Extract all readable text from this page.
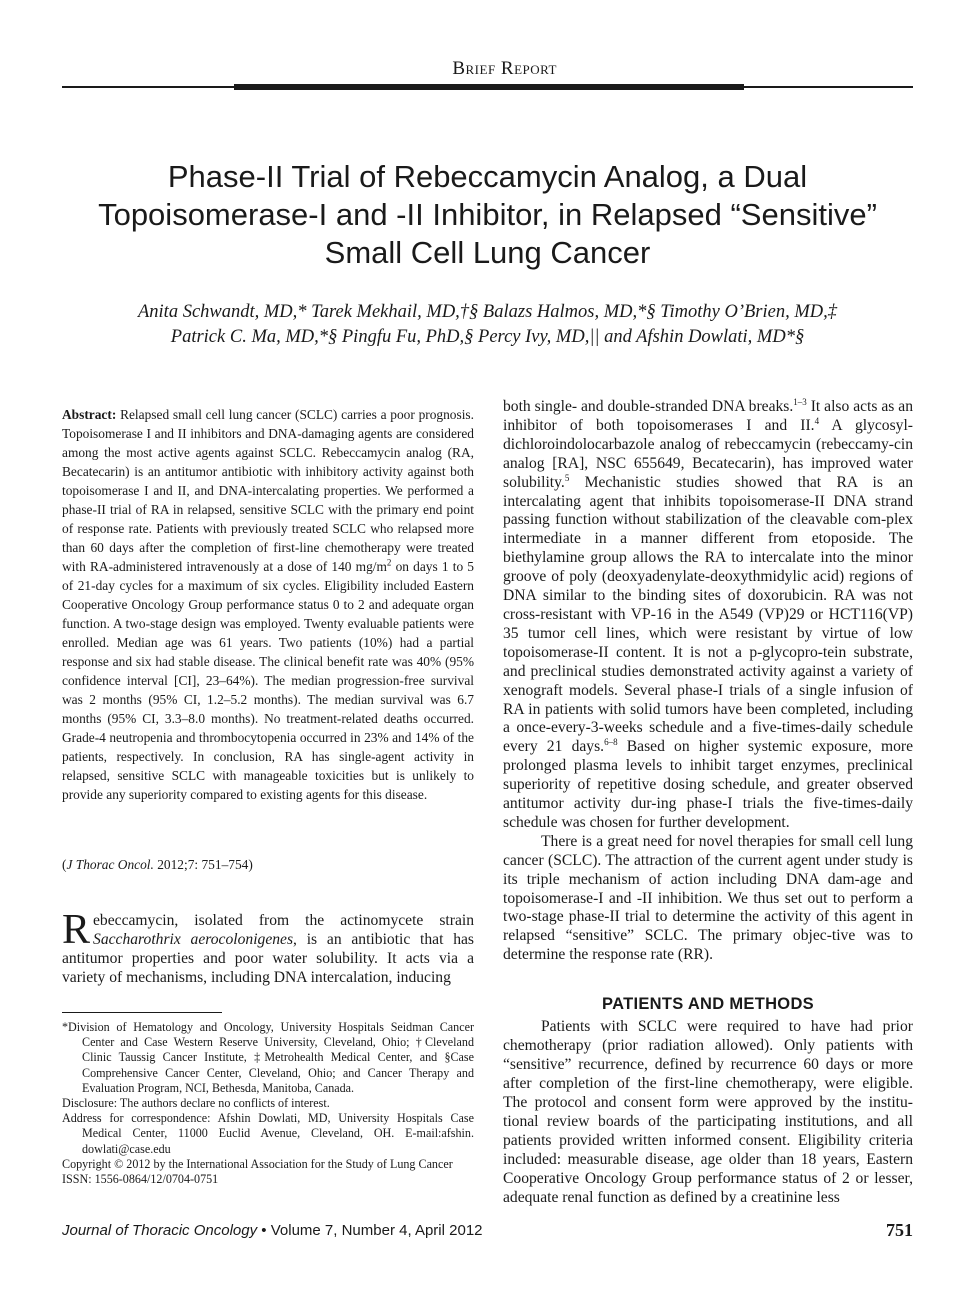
Brief Report
Phase-II Trial of Rebeccamycin Analog, a Dual
Topoisomerase-I and -II Inhibitor, in Relapsed “Sensitive”
Small Cell Lung Cancer
Anita Schwandt, MD,* Tarek Mekhail, MD,†§ Balazs Halmos, MD,*§ Timothy O’Brien, MD,‡
Patrick C. Ma, MD,*§ Pingfu Fu, PhD,§ Percy Ivy, MD,|| and Afshin Dowlati, MD*§

Abstract: Relapsed small cell lung cancer (SCLC) carries a poor prognosis. Topoisomerase I and II inhibitors and DNA-damaging agents are considered among the most active agents against SCLC. Rebeccamycin analog (RA, Becatecarin) is an antitumor antibiotic with inhibitory activity against both topoisomerase I and II, and DNA-intercalating properties. We performed a phase-II trial of RA in relapsed, sensitive SCLC with the primary end point of response rate. Patients with previously treated SCLC who relapsed more than 60 days after the completion of first-line chemotherapy were treated with RA-administered intravenously at a dose of 140 $mg/m^2$ on days 1 to 5 of 21-day cycles for a maximum of six cycles. Eligibility included Eastern Cooperative Oncology Group performance status 0 to 2 and adequate organ function. A two-stage design was employed. Twenty evaluable patients were enrolled. Median age was 61 years. Two patients (10%) had a partial response and six had stable disease. The clinical benefit rate was 40% (95% confidence interval [CI], 23–64%). The median progression-free survival was 2 months (95% CI, 1.2–5.2 months). The median survival was 6.7 months (95% CI, 3.3–8.0 months). No treatment-related deaths occurred. Grade-4 neutropenia and thrombocytopenia occurred in 23% and 14% of the patients, respectively. In conclusion, RA has single-agent activity in relapsed, sensitive SCLC with manageable toxicities but is unlikely to provide any superiority compared to existing agents for this disease.

(J Thorac Oncol. 2012;7: 751–754)
Rebeccamycin, isolated from the actinomycete strain Saccharothrix aerocolonigenes, is an antibiotic that has antitumor properties and poor water solubility. It acts via a variety of mechanisms, including DNA intercalation, inducing

*Division of Hematology and Oncology, University Hospitals Seidman Cancer Center and Case Western Reserve University, Cleveland, Ohio; †Cleveland Clinic Taussig Cancer Institute, ‡Metrohealth Medical Center, and §Case Comprehensive Cancer Center, Cleveland, Ohio; and Cancer Therapy and Evaluation Program, NCI, Bethesda, Manitoba, Canada.

Disclosure: The authors declare no conflicts of interest.

Address for correspondence: Afshin Dowlati, MD, University Hospitals Case Medical Center, 11000 Euclid Avenue, Cleveland, OH. E-mail:afshin. dowlati@case.edu

Copyright © 2012 by the International Association for the Study of Lung Cancer

ISSN: 1556-0864/12/0704-0751

both single- and double-stranded DNA breaks.$^{1-3}$ It also acts as an inhibitor of both topoisomerases I and II.$^4$ A glycosyl-dichloroindolocarbazole analog of rebeccamycin (rebeccamy-cin analog [RA], NSC 655649, Becatecarin), has improved water solubility.$^5$ Mechanistic studies showed that RA is an intercalating agent that inhibits topoisomerase-II DNA strand passing function without stabilization of the cleavable com-plex intermediate in a manner different from etoposide. The biethylamine group allows the RA to intercalate into the minor groove of poly (deoxyadenylate-deoxythmidylic acid) regions of DNA similar to the binding sites of doxorubicin. RA was not cross-resistant with VP-16 in the A549 (VP)29 or HCT116(VP) 35 tumor cell lines, which were resistant by virtue of low topoisomerase-II content. It is not a p-glycopro-tein substrate, and preclinical studies demonstrated activity against a variety of xenograft models. Several phase-I trials of a single infusion of RA in patients with solid tumors have been completed, including a once-every-3-weeks schedule and a five-times-daily schedule every 21 days.$^{6-8}$ Based on higher systemic exposure, more prolonged plasma levels to inhibit target enzymes, preclinical superiority of repetitive dosing schedule, and greater observed antitumor activity dur-ing phase-I trials the five-times-daily schedule was chosen for further development.

There is a great need for novel therapies for small cell lung cancer (SCLC). The attraction of the current agent under study is its triple mechanism of action including DNA dam-age and topoisomerase-I and -II inhibition. We thus set out to perform a two-stage phase-II trial to determine the activity of this agent in relapsed “sensitive” SCLC. The primary objec-tive was to determine the response rate (RR).

PATIENTS AND METHODS

Patients with SCLC were required to have had prior chemotherapy (prior radiation allowed). Only patients with “sensitive” recurrence, defined by recurrence 60 days or more after completion of the first-line chemotherapy, were eligible. The protocol and consent form were approved by the institu-tional review boards of the participating institutions, and all patients provided written informed consent. Eligibility criteria included: measurable disease, age older than 18 years, Eastern Cooperative Oncology Group performance status of 2 or lesser, adequate renal function as defined by a creatinine less

Journal of Thoracic Oncology • Volume 7, Number 4, April 2012	751
